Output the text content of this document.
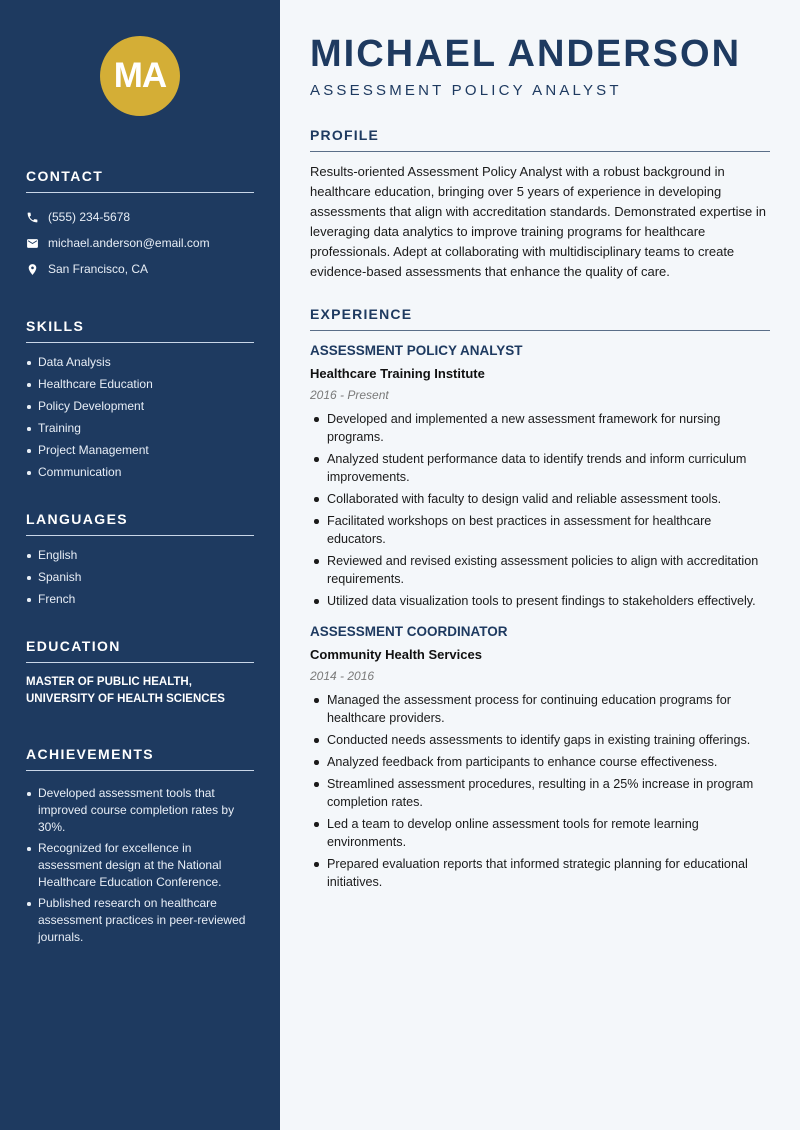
MA
CONTACT
(555) 234-5678
michael.anderson@email.com
San Francisco, CA
SKILLS
Data Analysis
Healthcare Education
Policy Development
Training
Project Management
Communication
LANGUAGES
English
Spanish
French
EDUCATION
MASTER OF PUBLIC HEALTH,
UNIVERSITY OF HEALTH SCIENCES
ACHIEVEMENTS
Developed assessment tools that improved course completion rates by 30%.
Recognized for excellence in assessment design at the National Healthcare Education Conference.
Published research on healthcare assessment practices in peer-reviewed journals.
MICHAEL ANDERSON
ASSESSMENT POLICY ANALYST
PROFILE

Results-oriented Assessment Policy Analyst with a robust background in healthcare education, bringing over 5 years of experience in developing assessments that align with accreditation standards. Demonstrated expertise in leveraging data analytics to improve training programs for healthcare professionals. Adept at collaborating with multidisciplinary teams to create evidence-based assessments that enhance the quality of care.

EXPERIENCE
ASSESSMENT POLICY ANALYST
Healthcare Training Institute
2016 - Present
Developed and implemented a new assessment framework for nursing programs.
Analyzed student performance data to identify trends and inform curriculum improvements.
Collaborated with faculty to design valid and reliable assessment tools.
Facilitated workshops on best practices in assessment for healthcare educators.
Reviewed and revised existing assessment policies to align with accreditation requirements.
Utilized data visualization tools to present findings to stakeholders effectively.
ASSESSMENT COORDINATOR
Community Health Services
2014 - 2016
Managed the assessment process for continuing education programs for healthcare providers.
Conducted needs assessments to identify gaps in existing training offerings.
Analyzed feedback from participants to enhance course effectiveness.
Streamlined assessment procedures, resulting in a 25% increase in program completion rates.
Led a team to develop online assessment tools for remote learning environments.
Prepared evaluation reports that informed strategic planning for educational initiatives.
